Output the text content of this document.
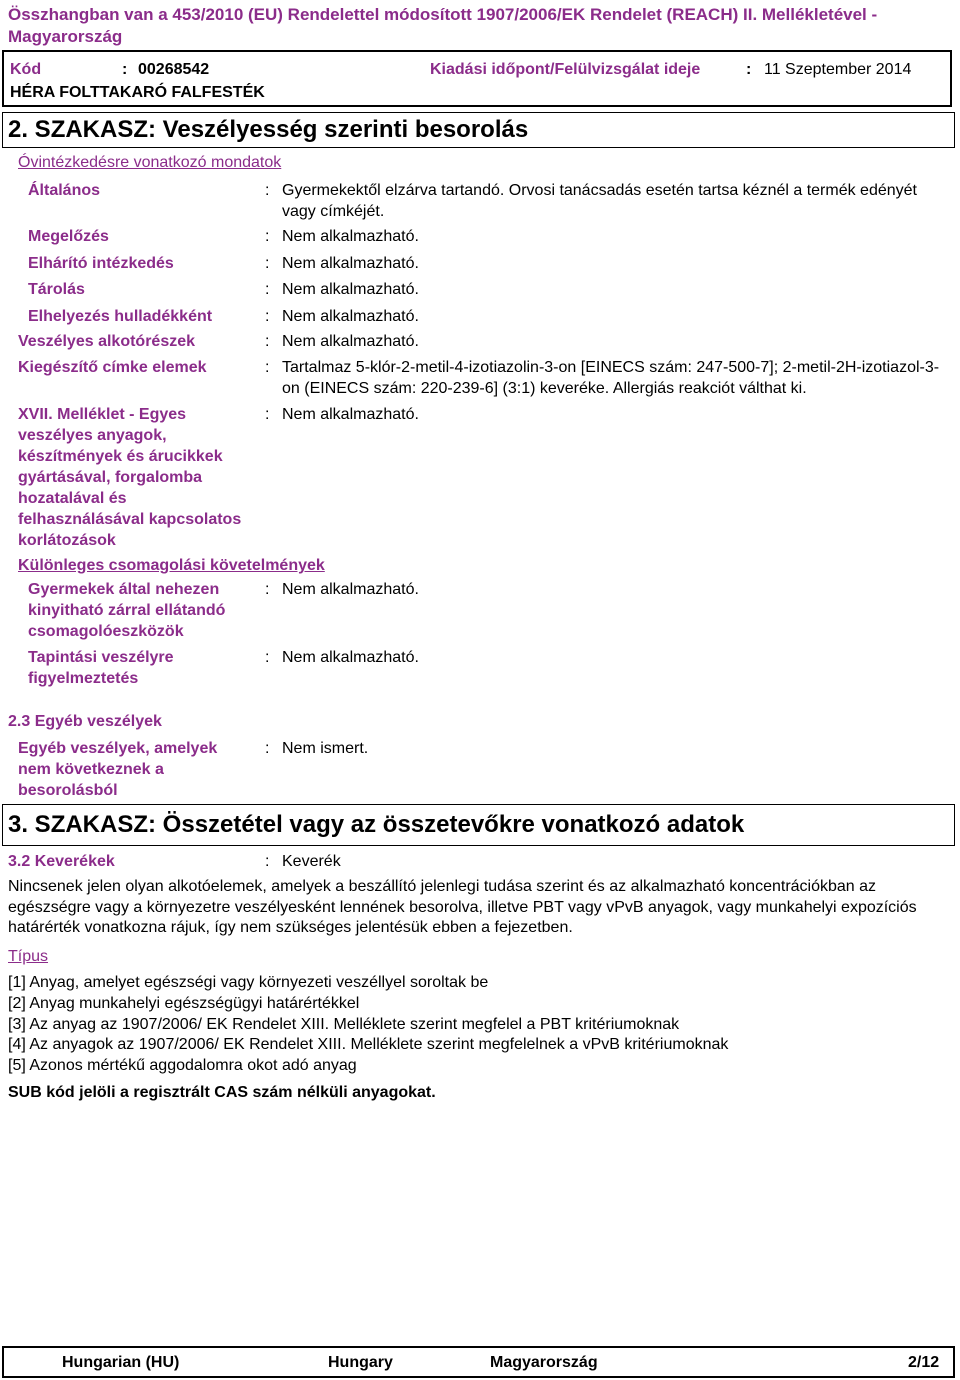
Összhangban van a 453/2010 (EU) Rendelettel módosított 1907/2006/EK Rendelet (REACH) II. Mellékletével - Magyarország
Kód	: 00268542	Kiadási időpont/Felülvizsgálat ideje	: 11 Szeptember 2014
HÉRA FOLTTAKARÓ FALFESTÉK
2. SZAKASZ: Veszélyesség szerinti besorolás
Óvintézkedésre vonatkozó mondatok
Általános	: Gyermekektől elzárva tartandó. Orvosi tanácsadás esetén tartsa kéznél a termék edényét vagy címkéjét.
Megelőzés	: Nem alkalmazható.
Elhárító intézkedés	: Nem alkalmazható.
Tárolás	: Nem alkalmazható.
Elhelyezés hulladékként	: Nem alkalmazható.
Veszélyes alkotórészek	: Nem alkalmazható.
Kiegészítő címke elemek	: Tartalmaz 5-klór-2-metil-4-izotiazolin-3-on [EINECS szám: 247-500-7]; 2-metil-2H-izotiazol-3-on (EINECS szám: 220-239-6] (3:1) keveréke. Allergiás reakciót válthat ki.
XVII. Melléklet - Egyes veszélyes anyagok, készítmények és árucikkek gyártásával, forgalomba hozatalával és felhasználásával kapcsolatos korlátozások
: Nem alkalmazható.
Különleges csomagolási követelmények
Gyermekek által nehezen kinyitható zárral ellátandó csomagolóeszközök
: Nem alkalmazható.
Tapintási veszélyre figyelmeztetés
: Nem alkalmazható.
2.3 Egyéb veszélyek
Egyéb veszélyek, amelyek nem következnek a besorolásból
: Nem ismert.
3. SZAKASZ: Összetétel vagy az összetevőkre vonatkozó adatok
3.2 Keverékek	: Keverék
Nincsenek jelen olyan alkotóelemek, amelyek a beszállító jelenlegi tudása szerint és az alkalmazható koncentrációkban az egészségre vagy a környezetre veszélyesként lennének besorolva, illetve PBT vagy vPvB anyagok, vagy munkahelyi expozíciós határérték vonatkozna rájuk, így nem szükséges jelentésük ebben a fejezetben.
Típus
[1] Anyag, amelyet egészségi vagy környezeti veszéllyel soroltak be
[2] Anyag munkahelyi egészségügyi határértékkel
[3] Az anyag az 1907/2006/ EK Rendelet XIII. Melléklete szerint megfelel a PBT kritériumoknak
[4] Az anyagok az 1907/2006/ EK Rendelet XIII. Melléklete szerint megfelelnek a vPvB kritériumoknak
[5] Azonos mértékű aggodalomra okot adó anyag
SUB kód jelöli a regisztrált CAS szám nélküli anyagokat.
Hungarian (HU)	Hungary	Magyarország	2/12
